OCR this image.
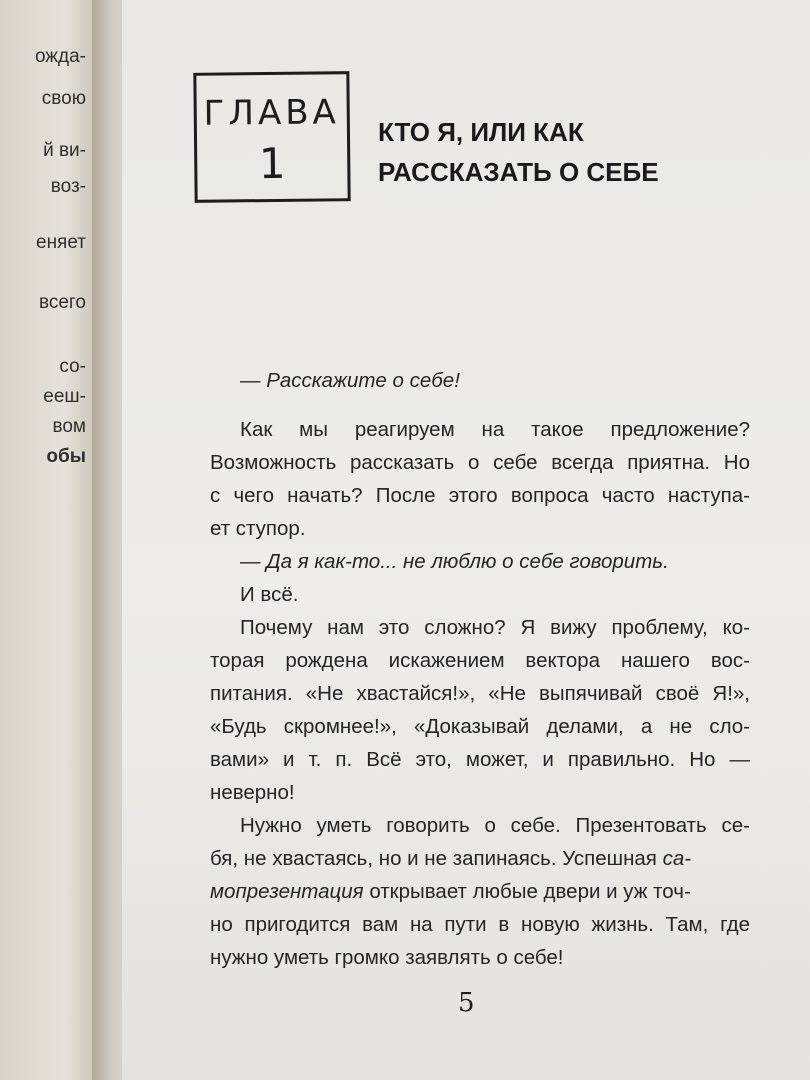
ожда-
свою
й ви-
воз-
еняет
всего
со-
ееш-
вом
обы
ГЛАВА
1
КТО Я, ИЛИ КАК
РАССКАЗАТЬ О СЕБЕ
— Расскажите о себе!
Как мы реагируем на такое предложение?
Возможность рассказать о себе всегда приятна. Но
с чего начать? После этого вопроса часто наступа-
ет ступор.
— Да я как-то... не люблю о себе говорить.
И всё.
Почему нам это сложно? Я вижу проблему, ко-
торая рождена искажением вектора нашего вос-
питания. «Не хвастайся!», «Не выпячивай своё Я!»,
«Будь скромнее!», «Доказывай делами, а не сло-
вами» и т. п. Всё это, может, и правильно. Но —
неверно!
Нужно уметь говорить о себе. Презентовать се-
бя, не хвастаясь, но и не запинаясь. Успешная са-
мопрезентация открывает любые двери и уж точ-
но пригодится вам на пути в новую жизнь. Там, где
нужно уметь громко заявлять о себе!
5
